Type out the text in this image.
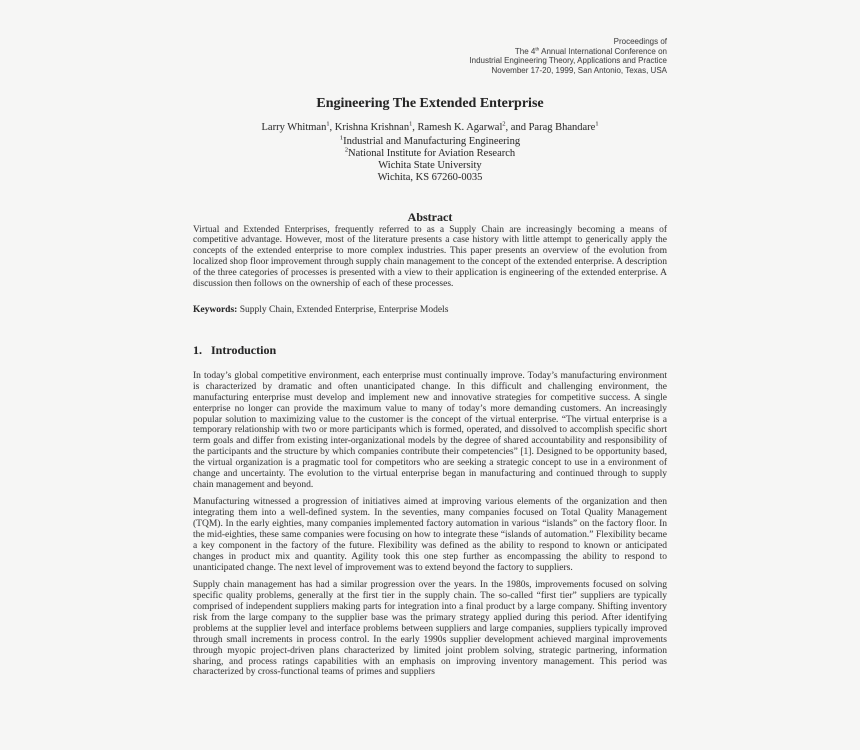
Proceedings of
The 4th Annual International Conference on
Industrial Engineering Theory, Applications and Practice
November 17-20, 1999, San Antonio, Texas, USA
Engineering The Extended Enterprise
Larry Whitman$^1$, Krishna Krishnan$^1$, Ramesh K. Agarwal$^2$, and Parag Bhandare$^1$
$^1$Industrial and Manufacturing Engineering
$^2$National Institute for Aviation Research
Wichita State University
Wichita, KS 67260-0035
Abstract

Virtual and Extended Enterprises, frequently referred to as a Supply Chain are increasingly becoming a means of competitive advantage. However, most of the literature presents a case history with little attempt to generically apply the concepts of the extended enterprise to more complex industries. This paper presents an overview of the evolution from localized shop floor improvement through supply chain management to the concept of the extended enterprise. A description of the three categories of processes is presented with a view to their application is engineering of the extended enterprise. A discussion then follows on the ownership of each of these processes.

Keywords: Supply Chain, Extended Enterprise, Enterprise Models

1. Introduction

In today’s global competitive environment, each enterprise must continually improve. Today’s manufacturing environment is characterized by dramatic and often unanticipated change. In this difficult and challenging environment, the manufacturing enterprise must develop and implement new and innovative strategies for competitive success. A single enterprise no longer can provide the maximum value to many of today’s more demanding customers. An increasingly popular solution to maximizing value to the customer is the concept of the virtual enterprise. “The virtual enterprise is a temporary relationship with two or more participants which is formed, operated, and dissolved to accomplish specific short term goals and differ from existing inter-organizational models by the degree of shared accountability and responsibility of the participants and the structure by which companies contribute their competencies” [1]. Designed to be opportunity based, the virtual organization is a pragmatic tool for competitors who are seeking a strategic concept to use in a environment of change and uncertainty. The evolution to the virtual enterprise began in manufacturing and continued through to supply chain management and beyond.

Manufacturing witnessed a progression of initiatives aimed at improving various elements of the organization and then integrating them into a well-defined system. In the seventies, many companies focused on Total Quality Management (TQM). In the early eighties, many companies implemented factory automation in various “islands” on the factory floor. In the mid-eighties, these same companies were focusing on how to integrate these “islands of automation.” Flexibility became a key component in the factory of the future. Flexibility was defined as the ability to respond to known or anticipated changes in product mix and quantity. Agility took this one step further as encompassing the ability to respond to unanticipated change. The next level of improvement was to extend beyond the factory to suppliers.

Supply chain management has had a similar progression over the years. In the 1980s, improvements focused on solving specific quality problems, generally at the first tier in the supply chain. The so-called “first tier” suppliers are typically comprised of independent suppliers making parts for integration into a final product by a large company. Shifting inventory risk from the large company to the supplier base was the primary strategy applied during this period. After identifying problems at the supplier level and interface problems between suppliers and large companies, suppliers typically improved through small increments in process control. In the early 1990s supplier development achieved marginal improvements through myopic project-driven plans characterized by limited joint problem solving, strategic partnering, information sharing, and process ratings capabilities with an emphasis on improving inventory management. This period was characterized by cross-functional teams of primes and suppliers
